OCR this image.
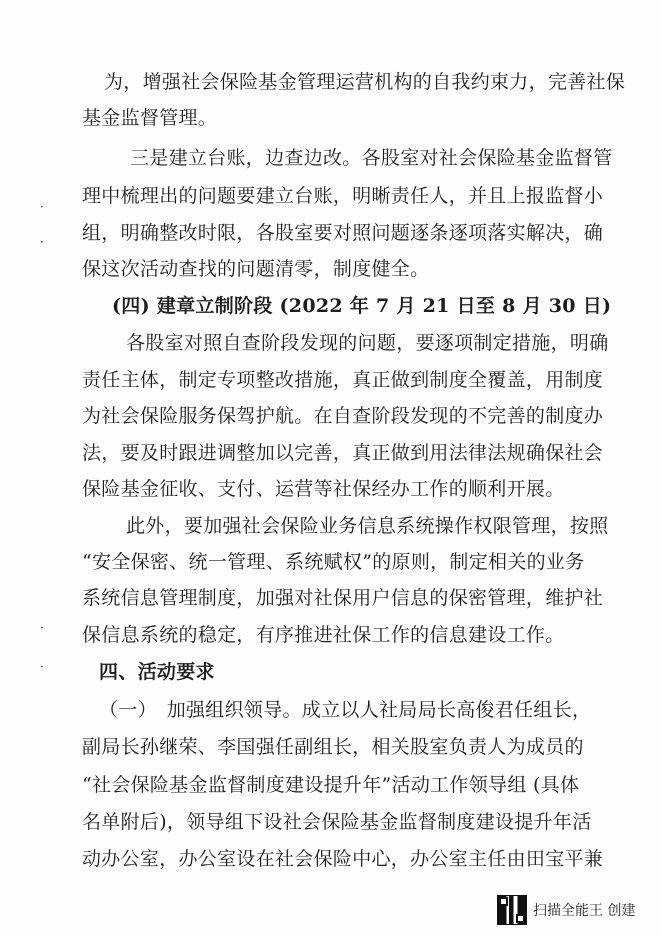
为，增强社会保险基金管理运营机构的自我约束力，完善社保
基金监督管理。
三是建立台账，边查边改。各股室对社会保险基金监督管
理中梳理出的问题要建立台账，明晰责任人，并且上报监督小
组，明确整改时限，各股室要对照问题逐条逐项落实解决，确
保这次活动查找的问题清零，制度健全。
(四) 建章立制阶段 (2022 年 7 月 21 日至 8 月 30 日)
各股室对照自查阶段发现的问题，要逐项制定措施，明确
责任主体，制定专项整改措施，真正做到制度全覆盖，用制度
为社会保险服务保驾护航。在自查阶段发现的不完善的制度办
法，要及时跟进调整加以完善，真正做到用法律法规确保社会
保险基金征收、支付、运营等社保经办工作的顺利开展。
此外，要加强社会保险业务信息系统操作权限管理，按照
“安全保密、统一管理、系统赋权”的原则，制定相关的业务
系统信息管理制度，加强对社保用户信息的保密管理，维护社
保信息系统的稳定，有序推进社保工作的信息建设工作。
四、活动要求
（一）　加强组织领导。成立以人社局局长高俊君任组长，
副局长孙继荣、李国强任副组长，相关股室负责人为成员的
“社会保险基金监督制度建设提升年”活动工作领导组 (具体
名单附后)，领导组下设社会保险基金监督制度建设提升年活
动办公室，办公室设在社会保险中心，办公室主任由田宝平兼
·
·
·
·
扫描全能王 创建
